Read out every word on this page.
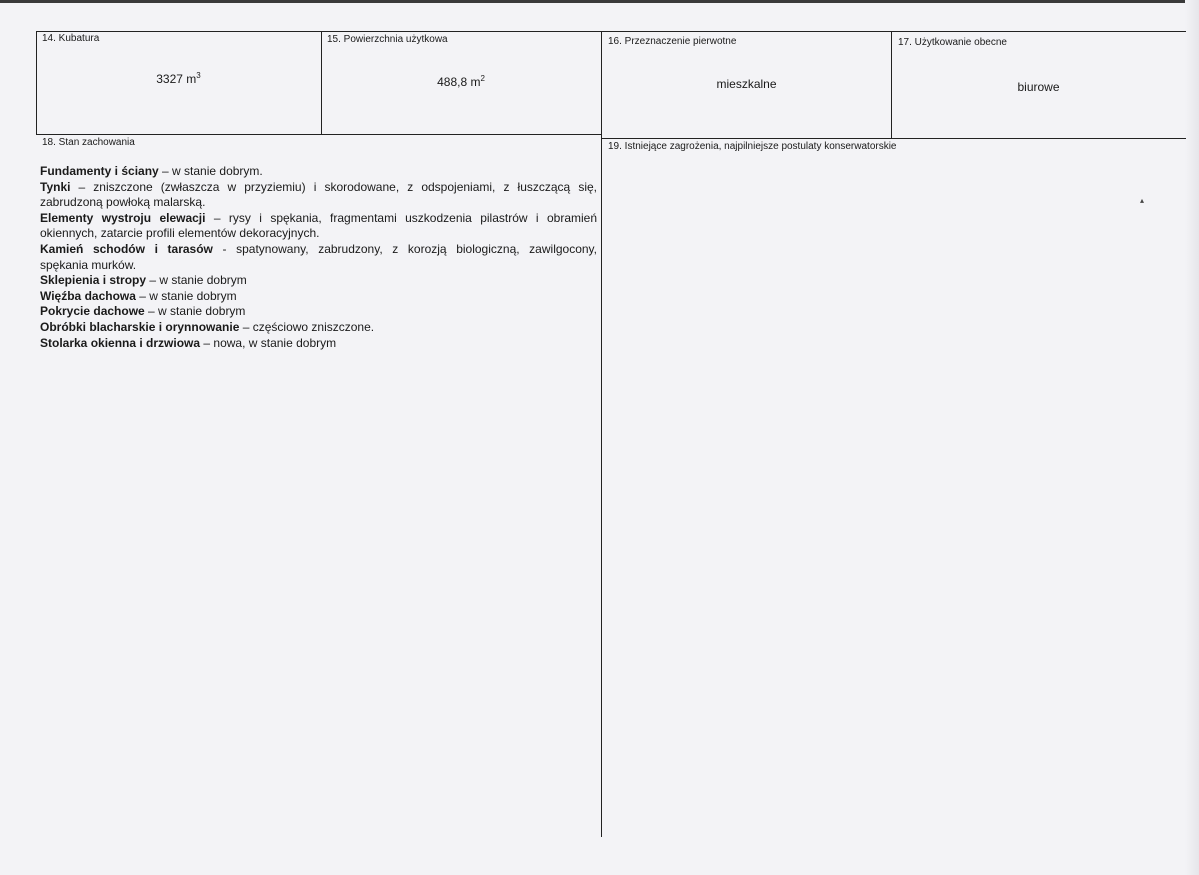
14. Kubatura
3327 $m^3$
15. Powierzchnia użytkowa
488,8 $m^2$
16. Przeznaczenie pierwotne
mieszkalne
17. Użytkowanie obecne
biurowe
18. Stan zachowania

Fundamenty i ściany – w stanie dobrym.

Tynki – zniszczone (zwłaszcza w przyziemiu) i skorodowane, z odspojeniami, z łuszczącą się,

zabrudzoną powłoką malarską.

Elementy wystroju elewacji – rysy i spękania, fragmentami uszkodzenia pilastrów i obramień

okiennych, zatarcie profili elementów dekoracyjnych.

Kamień schodów i tarasów - spatynowany, zabrudzony, z korozją biologiczną, zawilgocony,

spękania murków.

Sklepienia i stropy – w stanie dobrym

Więźba dachowa – w stanie dobrym

Pokrycie dachowe – w stanie dobrym

Obróbki blacharskie i orynnowanie – częściowo zniszczone.

Stolarka okienna i drzwiowa – nowa, w stanie dobrym

19. Istniejące zagrożenia, najpilniejsze postulaty konserwatorskie
▴
